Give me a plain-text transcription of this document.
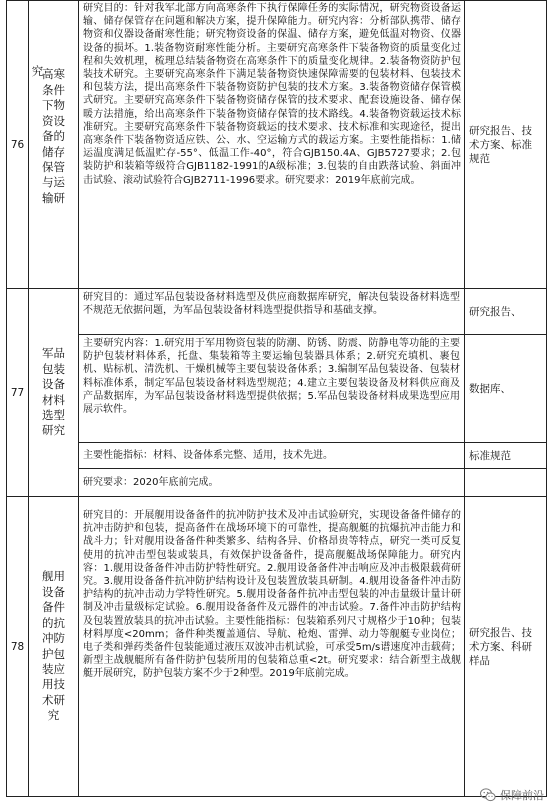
76	高寒条件下物资设备的储存保管与运输研究	研究目的：针对我军北部方向高寒条件下执行保障任务的实际情况，研究物资设备运输、储存保管存在问题和解决方案，提升保障能力。研究内容：分析部队携带、储存物资和仪器设备耐寒性能；研究物资设备的保温、储存方案，避免低温对物资、仪器设备的损坏。1.装备物资耐寒性能分析。主要研究高寒条件下装备物资的质量变化过程和失效机理，梳理总结装备物资在高寒条件下的质量变化规律。2.装备物资防护包装技术研究。主要研究高寒条件下满足装备物资快速保障需要的包装材料、包装技术和包装方法，提出高寒条件下装备物资防护包装的技术方案。3.装备物资储存保管模式研究。主要研究高寒条件下装备物资储存保管的技术要求、配套设施设备、储存保暖方法措施，给出高寒条件下装备物资储存保管的技术路线。4.装备物资载运技术标准研究。主要研究高寒条件下装备物资载运的技术要求、技术标准和实现途径，提出高寒条件下装备物资适应铁、公、水、空运输方式的载运方案。主要性能指标：1.储运温度满足低温贮存-55°、低温工作-40°，符合GJB150.4A、GJB5727要求；2.包装防护和装箱等级符合GJB1182-1991的A级标准；3.包装的自由跌落试验、斜面冲击试验、滚动试验符合GJB2711-1996要求。研究要求：2019年底前完成。	研究报告、技术方案、标准规范
77	军品包装设备材料选型研究	研究目的：通过军品包装设备材料选型及供应商数据库研究，解决包装设备材料选型不规范无依据问题，为军品包装设备材料选型提供指导和基础支撑。	研究报告、
		主要研究内容：1.研究用于军用物资包装的防潮、防锈、防震、防静电等功能的主要防护包装材料体系，托盘、集装箱等主要运输包装器具体系；2.研究充填机、裹包机、贴标机、清洗机、干燥机械等主要包装设备体系；3.编制军品包装设备、包装材料标准体系，制定军品包装设备材料选型规范；4.建立主要包装设备及材料供应商及产品数据库，为军品包装设备材料选型提供依据；5.军品包装设备材料成果选型应用展示软件。	数据库、
		主要性能指标：材料、设备体系完整、适用，技术先进。	标准规范
		研究要求：2020年底前完成。	
78	舰用设备备件的抗冲防护包装应用技术研究	研究目的：开展舰用设备备件的抗冲防护技术及冲击试验研究，实现设备备件储存的抗冲击防护和包装，提高备件在战场环境下的可靠性，提高舰艇的抗爆抗冲击能力和战斗力；针对舰用设备备件种类繁多、结构各异、价格昂贵等特点，研究一类可反复使用的抗冲击型包装或装具，有效保护设备备件，提高舰艇战场保障能力。研究内容：1.舰用设备备件冲击防护特性研究。2.舰用设备备件冲击响应及冲击极限载荷研究。3.舰用设备备件抗冲防护结构设计及包装置放装具研制。4.舰用设备备件冲击防护结构的抗冲击动力学特性研究。5.舰用设备备件抗冲击型包装的冲击量级计量计研制及冲击量级标定试验。6.舰用设备备件及元器件的冲击试验。7.备件冲击防护结构及包装置放装具的抗冲击试验。主要性能指标：包装箱系列尺寸规格少于10种；包装材料厚度<20mm；备件种类覆盖通信、导航、枪炮、雷弹、动力等舰艇专业岗位；电子类和弹药类备件包装能通过液压双波冲击机试验，可承受5m/s谱速度冲击载荷；新型主战舰艇所有备件防护包装所用的包装箱总重<2t。研究要求：结合新型主战舰艇开展研究，防护包装方案不少于2种型。2019年底前完成。	研究报告、技术方案、科研样品
保障前沿
